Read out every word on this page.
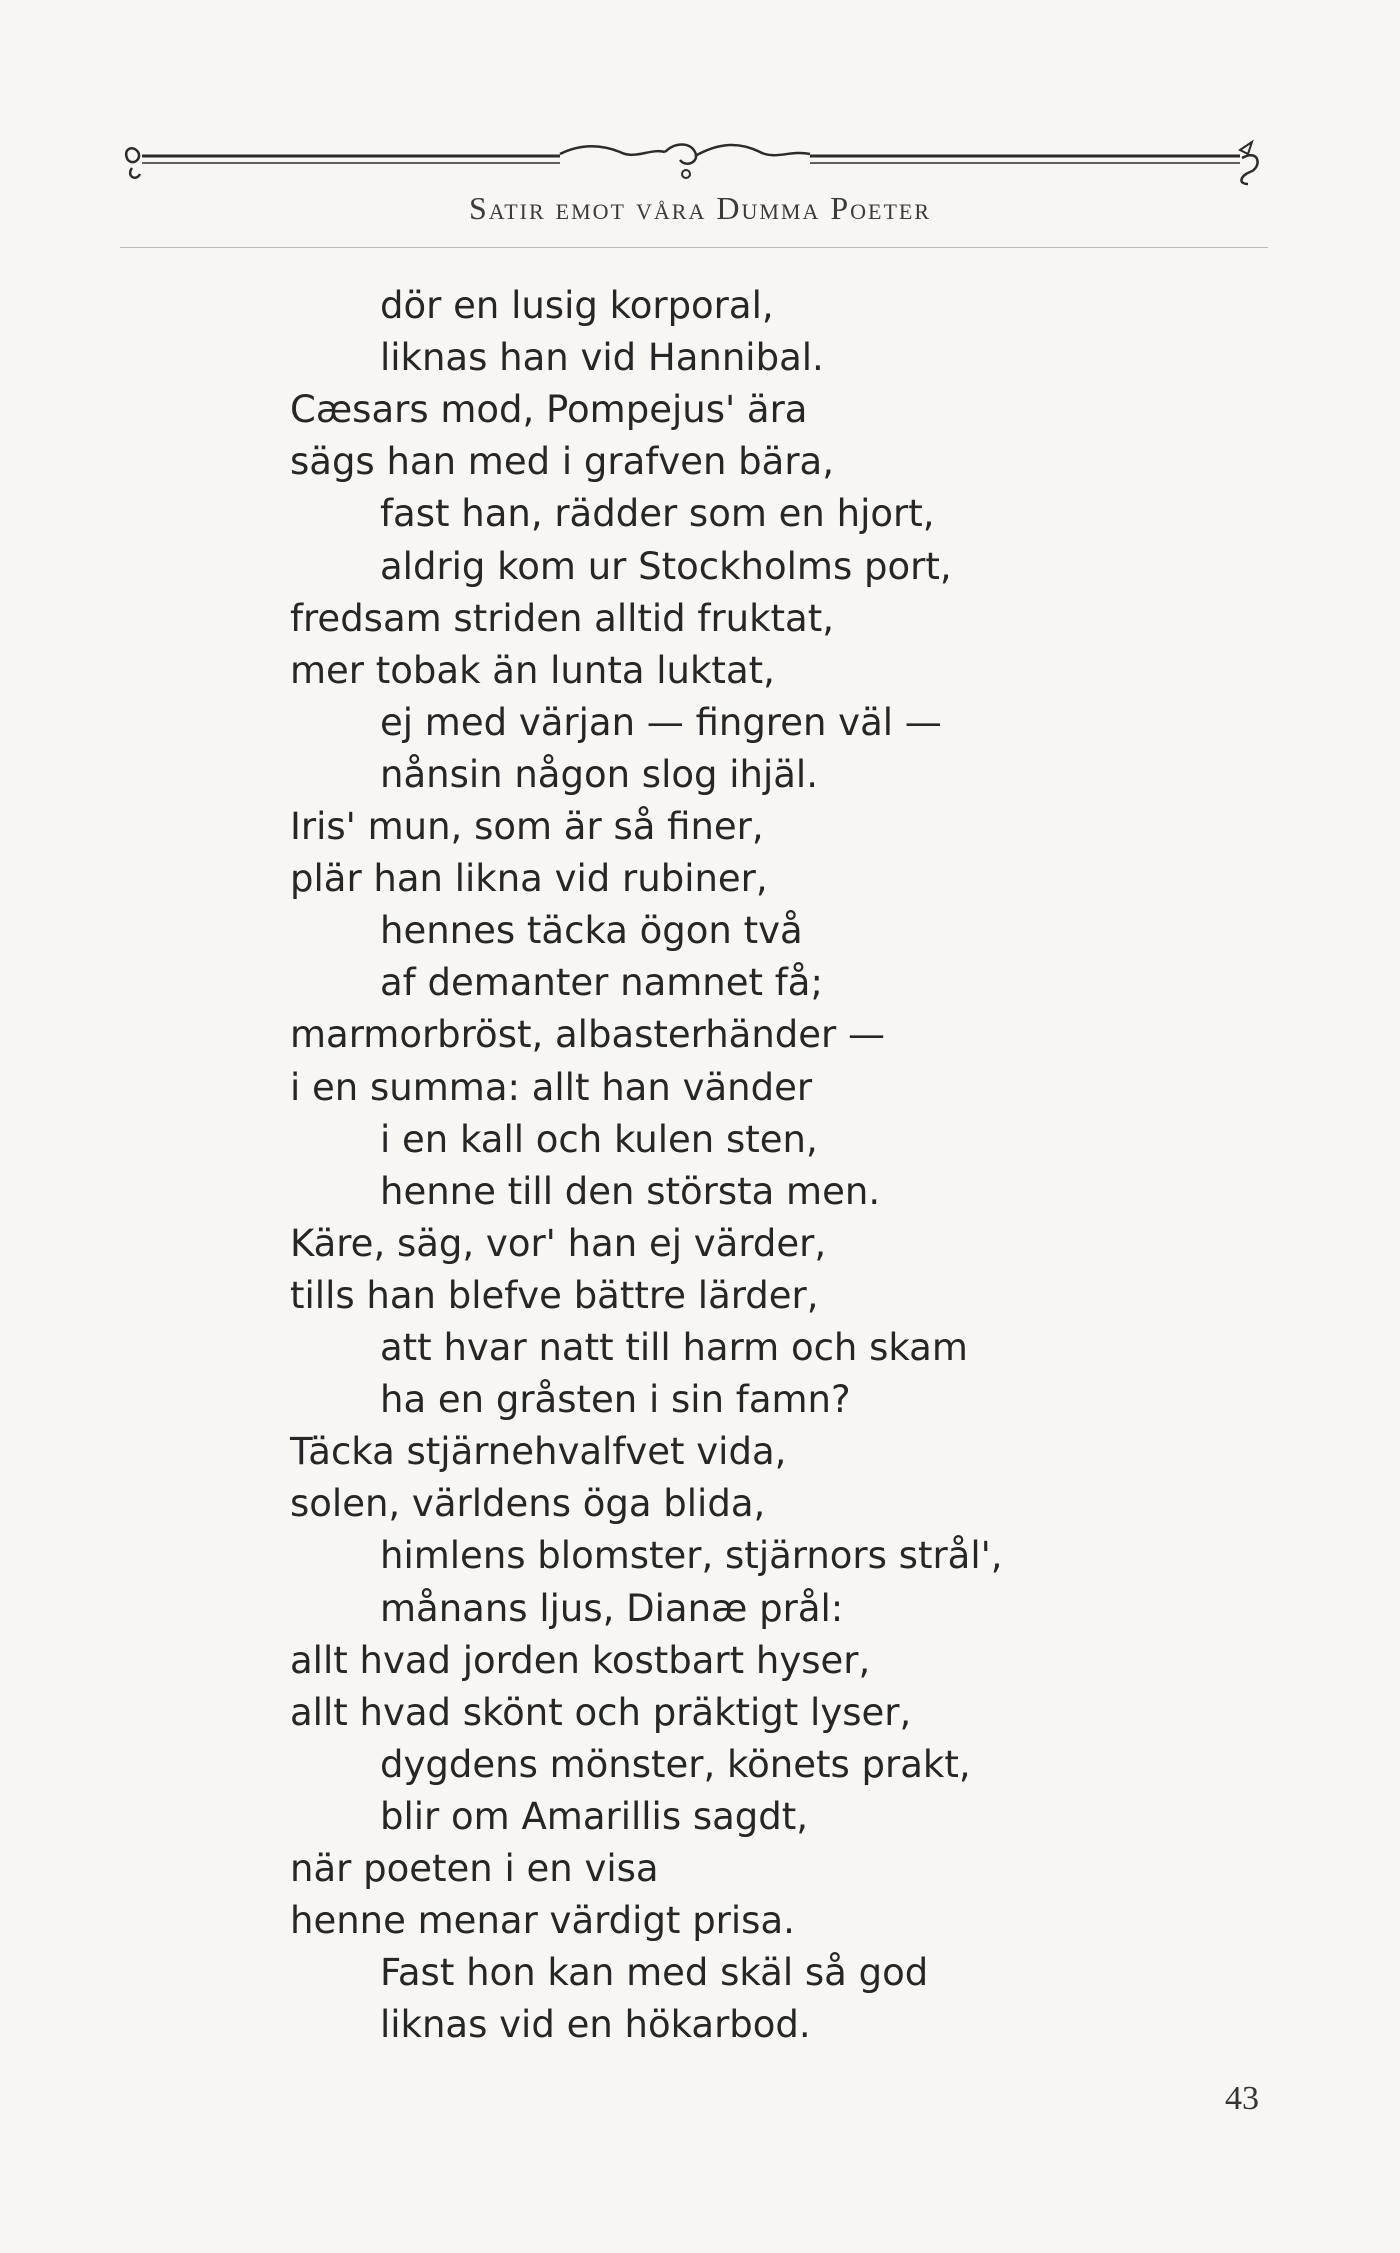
Satir emot våra Dumma Poeter
dör en lusig korporal,
liknas han vid Hannibal.
Cæsars mod, Pompejus' ära
sägs han med i grafven bära,
fast han, rädder som en hjort,
aldrig kom ur Stockholms port,
fredsam striden alltid fruktat,
mer tobak än lunta luktat,
ej med värjan — fingren väl —
nånsin någon slog ihjäl.
Iris' mun, som är så finer,
plär han likna vid rubiner,
hennes täcka ögon två
af demanter namnet få;
marmorbröst, albasterhänder —
i en summa: allt han vänder
i en kall och kulen sten,
henne till den största men.
Käre, säg, vor' han ej värder,
tills han blefve bättre lärder,
att hvar natt till harm och skam
ha en gråsten i sin famn?
Täcka stjärnehvalfvet vida,
solen, världens öga blida,
himlens blomster, stjärnors strål',
månans ljus, Dianæ prål:
allt hvad jorden kostbart hyser,
allt hvad skönt och präktigt lyser,
dygdens mönster, könets prakt,
blir om Amarillis sagdt,
när poeten i en visa
henne menar värdigt prisa.
Fast hon kan med skäl så god
liknas vid en hökarbod.
43
